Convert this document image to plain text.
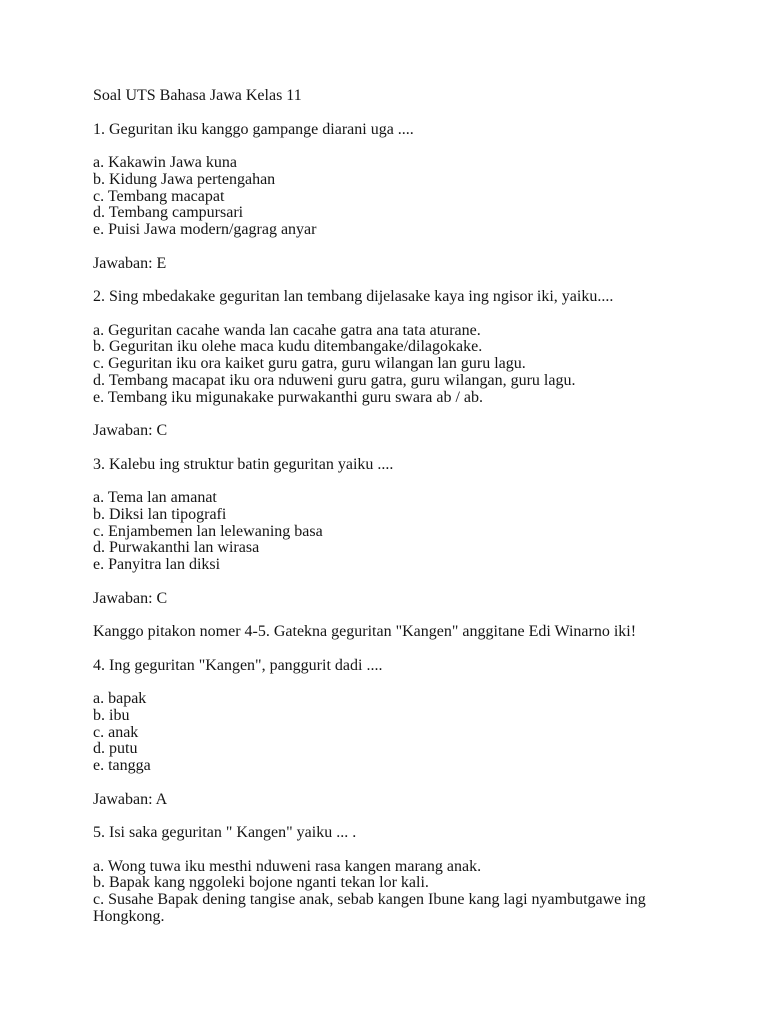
Soal UTS Bahasa Jawa Kelas 11

1. Geguritan iku kanggo gampange diarani uga ....

a. Kakawin Jawa kuna

b. Kidung Jawa pertengahan

c. Tembang macapat

d. Tembang campursari

e. Puisi Jawa modern/gagrag anyar

Jawaban: E

2. Sing mbedakake geguritan lan tembang dijelasake kaya ing ngisor iki, yaiku....

a. Geguritan cacahe wanda lan cacahe gatra ana tata aturane.

b. Geguritan iku olehe maca kudu ditembangake/dilagokake.

c. Geguritan iku ora kaiket guru gatra, guru wilangan lan guru lagu.

d. Tembang macapat iku ora nduweni guru gatra, guru wilangan, guru lagu.

e. Tembang iku migunakake purwakanthi guru swara ab / ab.

Jawaban: C

3. Kalebu ing struktur batin geguritan yaiku ....

a. Tema lan amanat

b. Diksi lan tipografi

c. Enjambemen lan lelewaning basa

d. Purwakanthi lan wirasa

e. Panyitra lan diksi

Jawaban: C

Kanggo pitakon nomer 4-5. Gatekna geguritan "Kangen" anggitane Edi Winarno iki!

4. Ing geguritan "Kangen", panggurit dadi ....

a. bapak

b. ibu

c. anak

d. putu

e. tangga

Jawaban: A

5. Isi saka geguritan " Kangen" yaiku ... .

a. Wong tuwa iku mesthi nduweni rasa kangen marang anak.

b. Bapak kang nggoleki bojone nganti tekan lor kali.

c. Susahe Bapak dening tangise anak, sebab kangen Ibune kang lagi nyambutgawe ing Hongkong.
